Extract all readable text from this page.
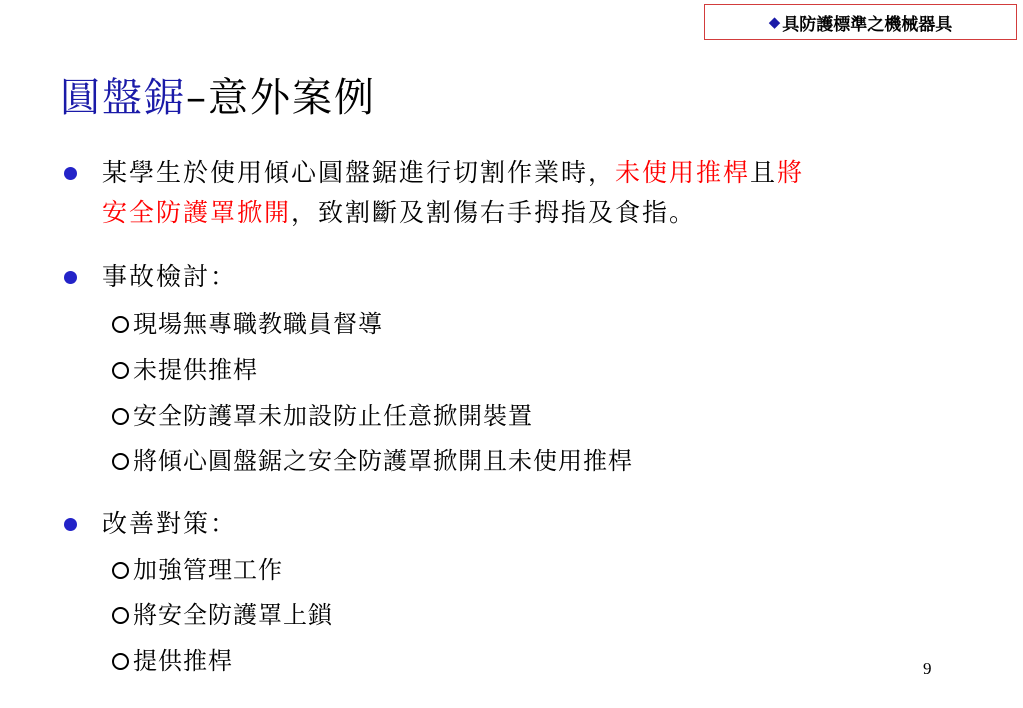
◆ 具防護標準之機械器具
圓盤鋸–意外案例
某學生於使用傾心圓盤鋸進行切割作業時，未使用推桿且將
安全防護罩掀開，致割斷及割傷右手拇指及食指。
事故檢討：
現場無專職教職員督導
未提供推桿
安全防護罩未加設防止任意掀開裝置
將傾心圓盤鋸之安全防護罩掀開且未使用推桿
改善對策：
加強管理工作
將安全防護罩上鎖
提供推桿	9
